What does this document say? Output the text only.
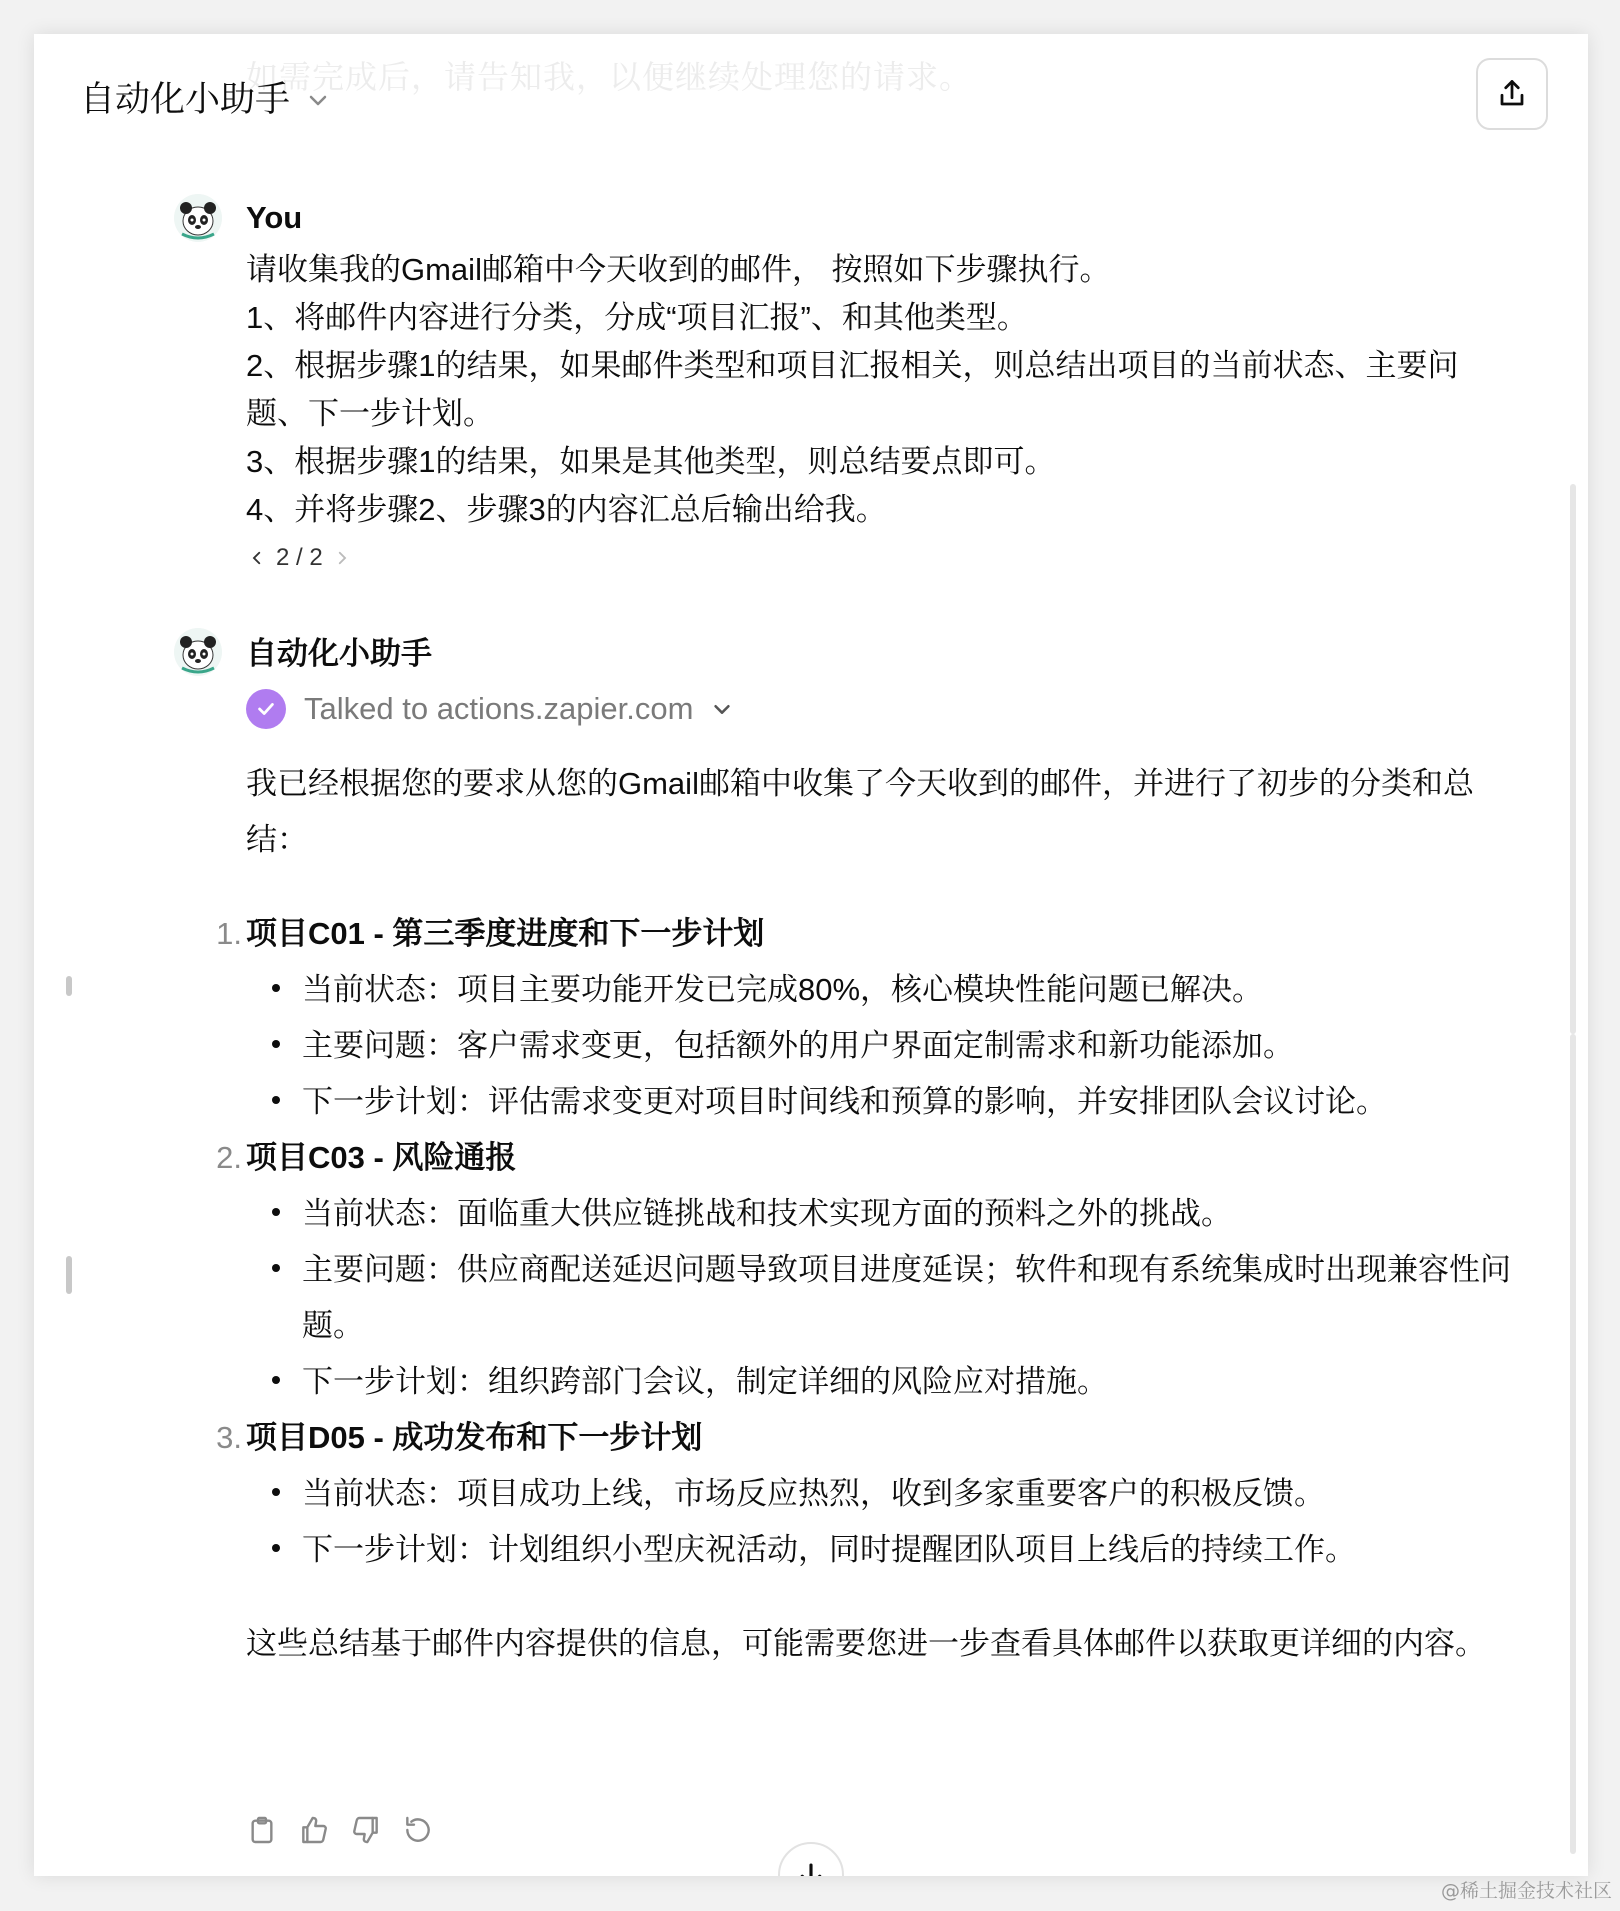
如需完成后，请告知我，以便继续处理您的请求。
自动化小助手
You
请收集我的Gmail邮箱中今天收到的邮件， 按照如下步骤执行。
1、将邮件内容进行分类，分成“项目汇报”、和其他类型。
2、根据步骤1的结果，如果邮件类型和项目汇报相关，则总结出项目的当前状态、主要问题、下一步计划。
3、根据步骤1的结果，如果是其他类型，则总结要点即可。
4、并将步骤2、步骤3的内容汇总后输出给我。
2 / 2
自动化小助手
Talked to actions.zapier.com
我已经根据您的要求从您的Gmail邮箱中收集了今天收到的邮件，并进行了初步的分类和总结：
1. 项目C01 - 第三季度进度和下一步计划
当前状态：项目主要功能开发已完成80%，核心模块性能问题已解决。
主要问题：客户需求变更，包括额外的用户界面定制需求和新功能添加。
下一步计划：评估需求变更对项目时间线和预算的影响，并安排团队会议讨论。
2. 项目C03 - 风险通报
当前状态：面临重大供应链挑战和技术实现方面的预料之外的挑战。
主要问题：供应商配送延迟问题导致项目进度延误；软件和现有系统集成时出现兼容性问题。
下一步计划：组织跨部门会议，制定详细的风险应对措施。
3. 项目D05 - 成功发布和下一步计划
当前状态：项目成功上线，市场反应热烈，收到多家重要客户的积极反馈。
下一步计划：计划组织小型庆祝活动，同时提醒团队项目上线后的持续工作。
这些总结基于邮件内容提供的信息，可能需要您进一步查看具体邮件以获取更详细的内容。
@稀土掘金技术社区
